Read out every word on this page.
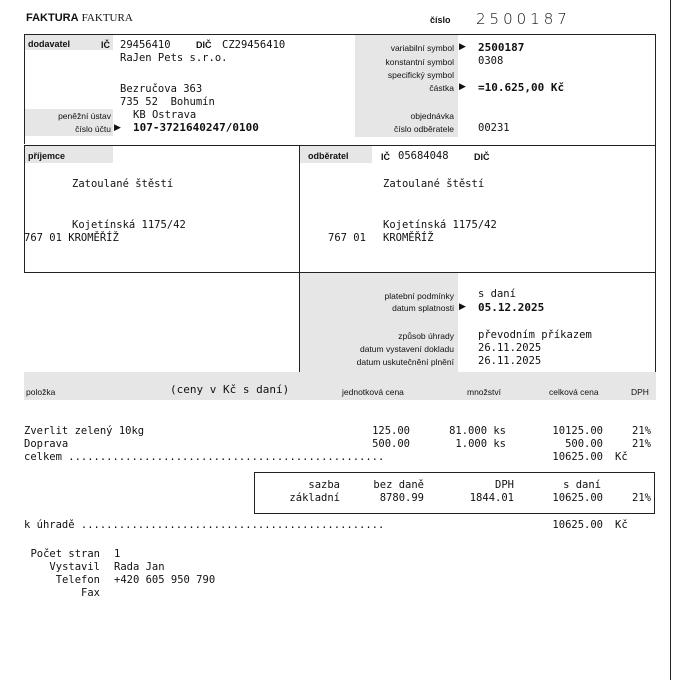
FAKTURA FAKTURA	číslo 2500187
dodavatel	IČ 29456410	DIČ CZ29456410
RaJen Pets s.r.o.
Bezručova 363
735 52  Bohumín
peněžní ústav KB Ostrava
číslo účtu ▶ 107-3721640247/0100
variabilní symbol ▶ 2500187
konstantní symbol 0308
specifický symbol
částka ▶ =10.625,00 Kč
objednávka
číslo odběratele 00231
příjemce
Zatoulané štěstí
Kojetínská 1175/42
767 01 KROMĚŘÍŽ
odběratel	IČ 05684048	DIČ
Zatoulané štěstí
Kojetínská 1175/42
767 01 KROMĚŘÍŽ
platební podmínky s daní
datum splatnosti ▶ 05.12.2025
způsob úhrady převodním příkazem
datum vystavení dokladu 26.11.2025
datum uskutečnění plnění 26.11.2025
položka	(ceny v Kč s daní)	jednotková cena	množství	celková cena	DPH
Zverlit zelený 10kg	125.00	81.000 ks	10125.00	21%
Doprava	500.00	1.000 ks	500.00	21%
celkem ..................................................	10625.00 Kč
sazba	bez daně	DPH	s daní
základní	8780.99	1844.01	10625.00	21%
k úhradě ................................................	10625.00 Kč
Počet stran 1
Vystavil Rada Jan
Telefon +420 605 950 790
Fax
